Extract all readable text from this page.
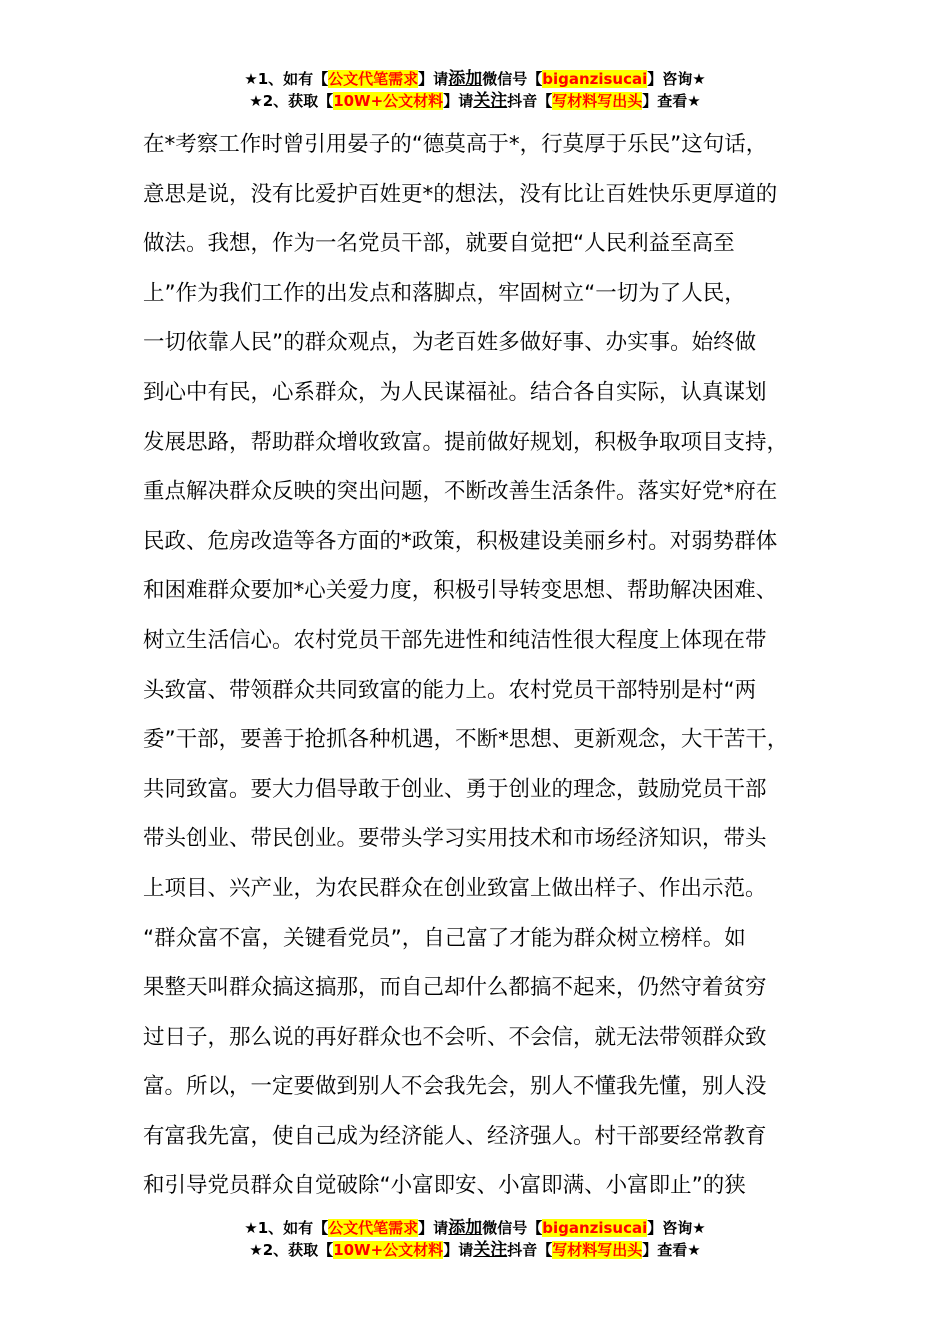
★1、如有【公文代笔需求】请添加微信号【biganzisucai】咨询★
★2、获取【10W+公文材料】请关注抖音【写材料写出头】查看★
在*考察工作时曾引用晏子的“德莫高于*，行莫厚于乐民”这句话，
意思是说，没有比爱护百姓更*的想法，没有比让百姓快乐更厚道的
做法。我想，作为一名党员干部，就要自觉把“人民利益至高至
上”作为我们工作的出发点和落脚点，牢固树立“一切为了人民，
一切依靠人民”的群众观点，为老百姓多做好事、办实事。始终做
到心中有民，心系群众，为人民谋福祉。结合各自实际，认真谋划
发展思路，帮助群众增收致富。提前做好规划，积极争取项目支持，
重点解决群众反映的突出问题，不断改善生活条件。落实好党*府在
民政、危房改造等各方面的*政策，积极建设美丽乡村。对弱势群体
和困难群众要加*心关爱力度，积极引导转变思想、帮助解决困难、
树立生活信心。农村党员干部先进性和纯洁性很大程度上体现在带
头致富、带领群众共同致富的能力上。农村党员干部特别是村“两
委”干部，要善于抢抓各种机遇，不断*思想、更新观念，大干苦干，
共同致富。要大力倡导敢于创业、勇于创业的理念，鼓励党员干部
带头创业、带民创业。要带头学习实用技术和市场经济知识，带头
上项目、兴产业，为农民群众在创业致富上做出样子、作出示范。
“群众富不富，关键看党员”，自己富了才能为群众树立榜样。如
果整天叫群众搞这搞那，而自己却什么都搞不起来，仍然守着贫穷
过日子，那么说的再好群众也不会听、不会信，就无法带领群众致
富。所以，一定要做到别人不会我先会，别人不懂我先懂，别人没
有富我先富，使自己成为经济能人、经济强人。村干部要经常教育
和引导党员群众自觉破除“小富即安、小富即满、小富即止”的狭
★1、如有【公文代笔需求】请添加微信号【biganzisucai】咨询★
★2、获取【10W+公文材料】请关注抖音【写材料写出头】查看★
